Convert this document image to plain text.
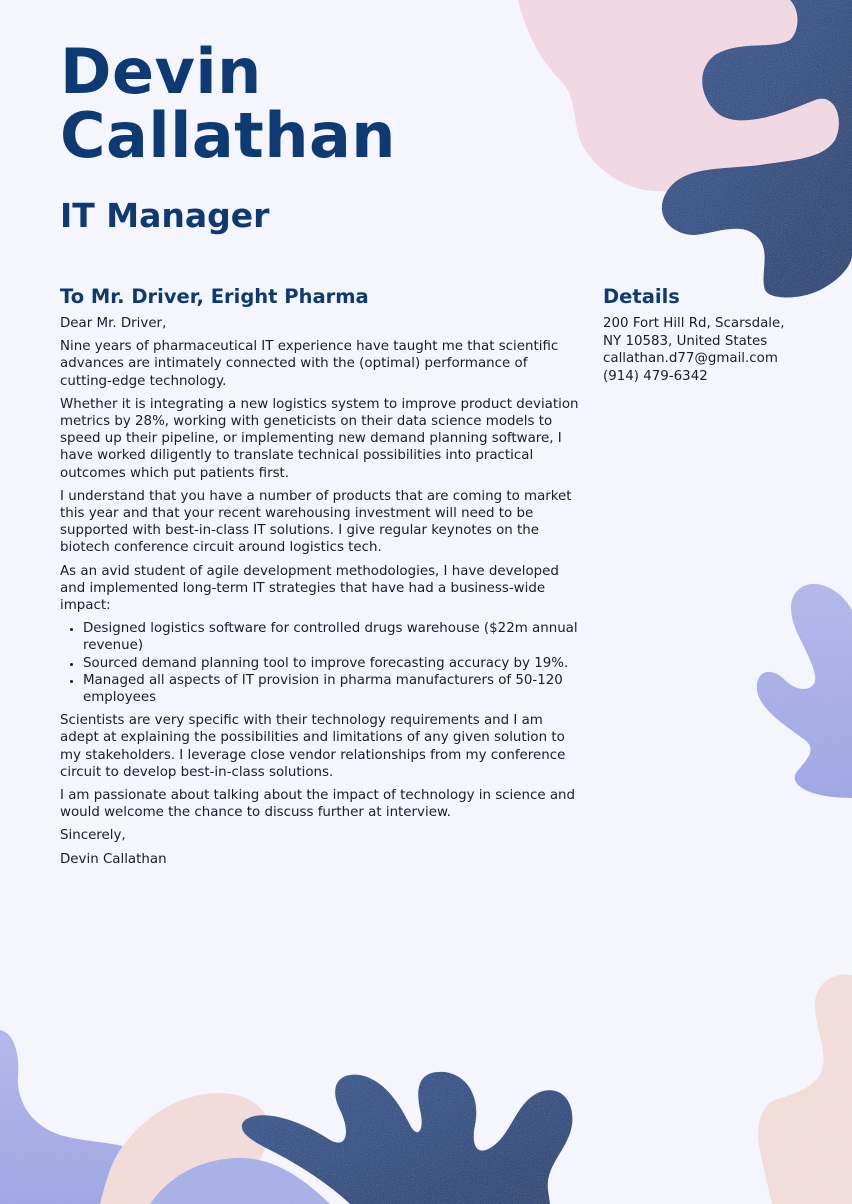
Devin
Callathan
IT Manager
To Mr. Driver, Eright Pharma

Dear Mr. Driver,

Nine years of pharmaceutical IT experience have taught me that scientific advances are intimately connected with the (optimal) performance of cutting-edge technology.

Whether it is integrating a new logistics system to improve product deviation metrics by 28%, working with geneticists on their data science models to speed up their pipeline, or implementing new demand planning software, I have worked diligently to translate technical possibilities into practical outcomes which put patients first.

I understand that you have a number of products that are coming to market this year and that your recent warehousing investment will need to be supported with best-in-class IT solutions. I give regular keynotes on the biotech conference circuit around logistics tech.

As an avid student of agile development methodologies, I have developed and implemented long-term IT strategies that have had a business-wide impact:

• Designed logistics software for controlled drugs warehouse ($22m annual revenue)
• Sourced demand planning tool to improve forecasting accuracy by 19%.
• Managed all aspects of IT provision in pharma manufacturers of 50-120 employees

Scientists are very specific with their technology requirements and I am adept at explaining the possibilities and limitations of any given solution to my stakeholders. I leverage close vendor relationships from my conference circuit to develop best-in-class solutions.

I am passionate about talking about the impact of technology in science and would welcome the chance to discuss further at interview.

Sincerely,

Devin Callathan

Details
200 Fort Hill Rd, Scarsdale,
NY 10583, United States
callathan.d77@gmail.com
(914) 479-6342
